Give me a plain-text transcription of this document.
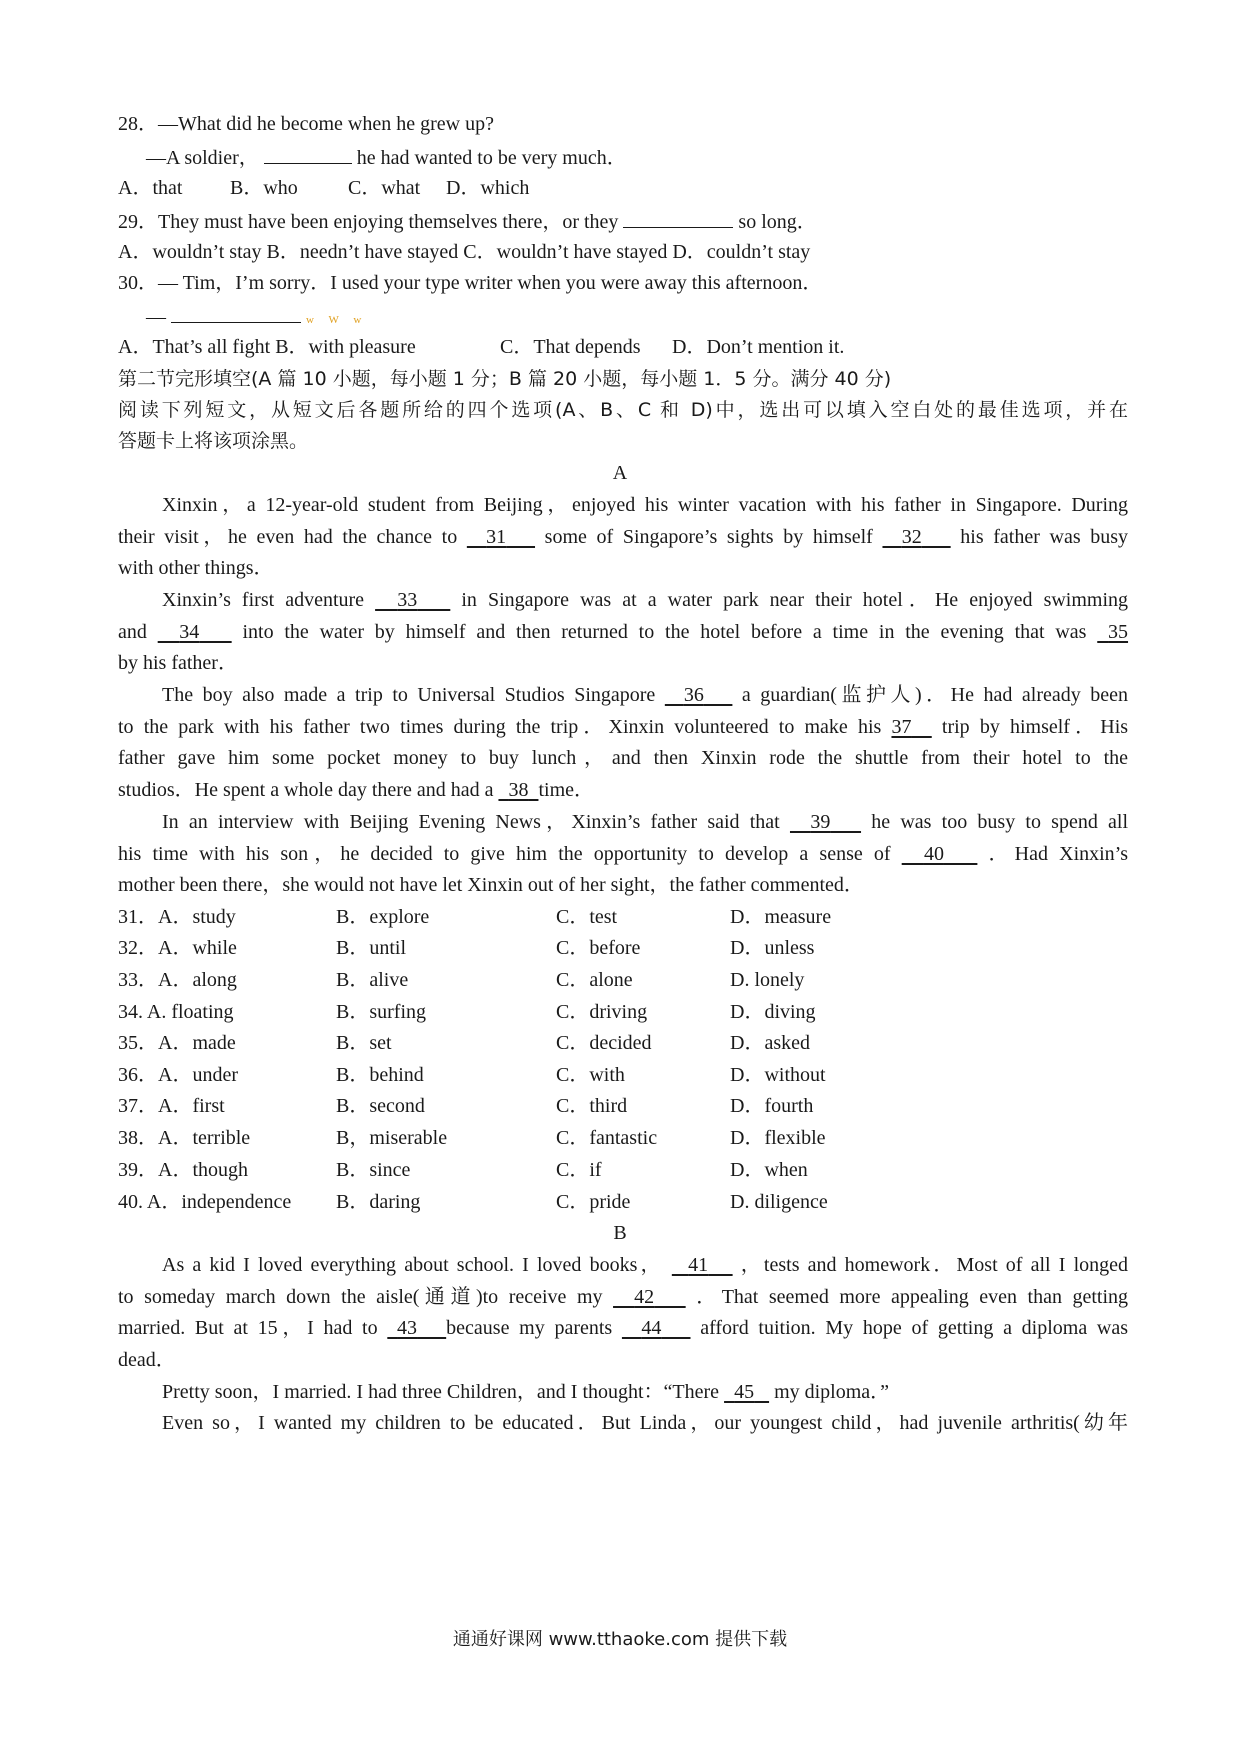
28．—What did he become when he grew up?
—A soldier，	he had wanted to be very much．
A．that B．who	C．what D．which
29．They must have been enjoying themselves there，or they	so long．
A．wouldn’t stay B．needn’t have stayed C．wouldn’t have stayed D．couldn’t stay
30．— Tim，I’m sorry．I used your type writer when you were away this afternoon．
—	w W w
A．That’s all fight B．with pleasure	C．That depends D．Don’t mention it.
第二节完形填空(A 篇 10 小题，每小题 1 分；B 篇 20 小题，每小题 1．5 分。满分 40 分)
阅读下列短文，从短文后各题所给的四个选项(A、B、C 和 D)中，选出可以填入空白处的最佳选项，并在
答题卡上将该项涂黑。
A
Xinxin，a 12-year-old student from Beijing，enjoyed his winter vacation with his father in Singapore. During
their visit，he even had the chance to 31 some of Singapore’s sights by himself 32 his father was busy
with other things．
Xinxin’s first adventure 33 in Singapore was at a water park near their hotel．He enjoyed swimming
and 34 into the water by himself and then returned to the hotel before a time in the evening that was 35
by his father．
The boy also made a trip to Universal Studios Singapore 36 a guardian(监护人)．He had already been
to the park with his father two times during the trip．Xinxin volunteered to make his 37 trip by himself．His
father gave him some pocket money to buy lunch，and then Xinxin rode the shuttle from their hotel to the
studios．He spent a whole day there and had a 38 time．
In an interview with Beijing Evening News，Xinxin’s father said that 39 he was too busy to spend all
his time with his son，he decided to give him the opportunity to develop a sense of 40 ．Had Xinxin’s
mother been there，she would not have let Xinxin out of her sight，the father commented．
31．A．study	B．explore	C．test	D．measure
32．A．while	B．until	C．before	D．unless
33．A．along	B．alive	C．alone	D. lonely
34. A. floating	B．surfing	C．driving	D．diving
35．A．made	B．set	C．decided	D．asked
36．A．under	B．behind	C．with	D．without
37．A．first	B．second	C．third	D．fourth
38．A．terrible	B，miserable	C．fantastic	D．flexible
39．A．though	B．since	C．if	D．when
40. A．independence B．daring	C．pride	D. diligence
B
As a kid I loved everything about school. I loved books， 41 ，tests and homework．Most of all I longed
to someday march down the aisle(通道)to receive my 42 ．That seemed more appealing even than getting
married. But at 15，I had to 43 because my parents 44 afford tuition. My hope of getting a diploma was
dead．
Pretty soon，I married. I had three Children，and I thought：“There 45 my diploma．”
Even so，I wanted my children to be educated．But Linda，our youngest child，had juvenile arthritis(幼年
通通好课网 www.tthaoke.com 提供下载
